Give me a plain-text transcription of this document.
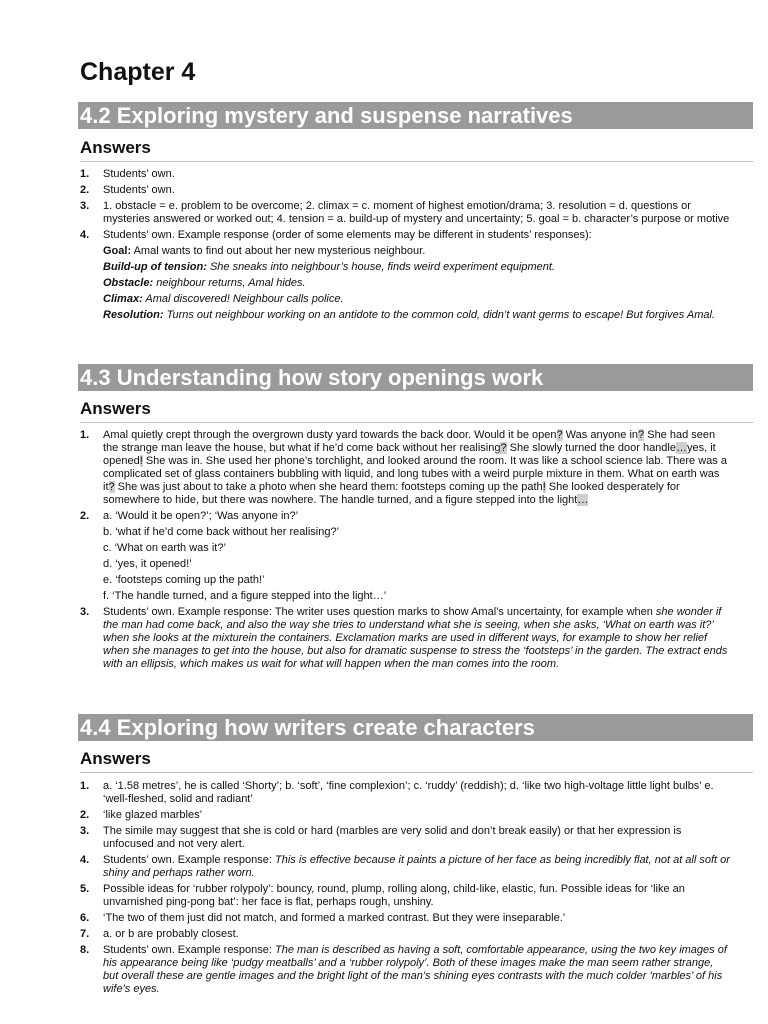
Chapter 4
4.2 Exploring mystery and suspense narratives
Answers
1. Students’ own.
2. Students’ own.
3. 1. obstacle = e. problem to be overcome; 2. climax = c. moment of highest emotion/drama; 3. resolution = d. questions or mysteries answered or worked out; 4. tension = a. build-up of mystery and uncertainty; 5. goal = b. character’s purpose or motive
4. Students’ own. Example response (order of some elements may be different in students’ responses):

Goal: Amal wants to find out about her new mysterious neighbour.

Build-up of tension: She sneaks into neighbour’s house, finds weird experiment equipment.

Obstacle: neighbour returns, Amal hides.

Climax: Amal discovered! Neighbour calls police.

Resolution: Turns out neighbour working on an antidote to the common cold, didn’t want germs to escape! But forgives Amal.

4.3 Understanding how story openings work
Answers
1. Amal quietly crept through the overgrown dusty yard towards the back door. Would it be open? Was anyone in? She had seen the strange man leave the house, but what if he’d come back without her realising? She slowly turned the door handle…yes, it opened! She was in. She used her phone’s torchlight, and looked around the room. It was like a school science lab. There was a complicated set of glass containers bubbling with liquid, and long tubes with a weird purple mixture in them. What on earth was it? She was just about to take a photo when she heard them: footsteps coming up the path! She looked desperately for somewhere to hide, but there was nowhere. The handle turned, and a figure stepped into the light…
2. a. ‘Would it be open?’; ‘Was anyone in?’
b. ‘what if he’d come back without her realising?’
c. ‘What on earth was it?’
d. ‘yes, it opened!’
e. ‘footsteps coming up the path!’
f. ‘The handle turned, and a figure stepped into the light…’
3. Students’ own. Example response: The writer uses question marks to show Amal’s uncertainty, for example when she wonder if the man had come back, and also the way she tries to understand what she is seeing, when she asks, ‘What on earth was it?’ when she looks at the mixturein the containers. Exclamation marks are used in different ways, for example to show her relief when she manages to get into the house, but also for dramatic suspense to stress the ‘footsteps’ in the garden. The extract ends with an ellipsis, which makes us wait for what will happen when the man comes into the room.
4.4 Exploring how writers create characters
Answers
1. a. ‘1.58 metres’, he is called ‘Shorty’; b. ‘soft’, ‘fine complexion’; c. ‘ruddy’ (reddish); d. ‘like two high-voltage little light bulbs’ e. ‘well-fleshed, solid and radiant’
2. ‘like glazed marbles’
3. The simile may suggest that she is cold or hard (marbles are very solid and don’t break easily) or that her expression is unfocused and not very alert.
4. Students’ own. Example response: This is effective because it paints a picture of her face as being incredibly flat, not at all soft or shiny and perhaps rather worn.
5. Possible ideas for ‘rubber rolypoly’: bouncy, round, plump, rolling along, child-like, elastic, fun. Possible ideas for ‘like an unvarnished ping-pong bat’: her face is flat, perhaps rough, unshiny.
6. ‘The two of them just did not match, and formed a marked contrast. But they were inseparable.’
7. a. or b are probably closest.
8. Students’ own. Example response: The man is described as having a soft, comfortable appearance, using the two key images of his appearance being like ‘pudgy meatballs’ and a ‘rubber rolypoly’. Both of these images make the man seem rather strange, but overall these are gentle images and the bright light of the man’s shining eyes contrasts with the much colder ‘marbles’ of his wife’s eyes.
